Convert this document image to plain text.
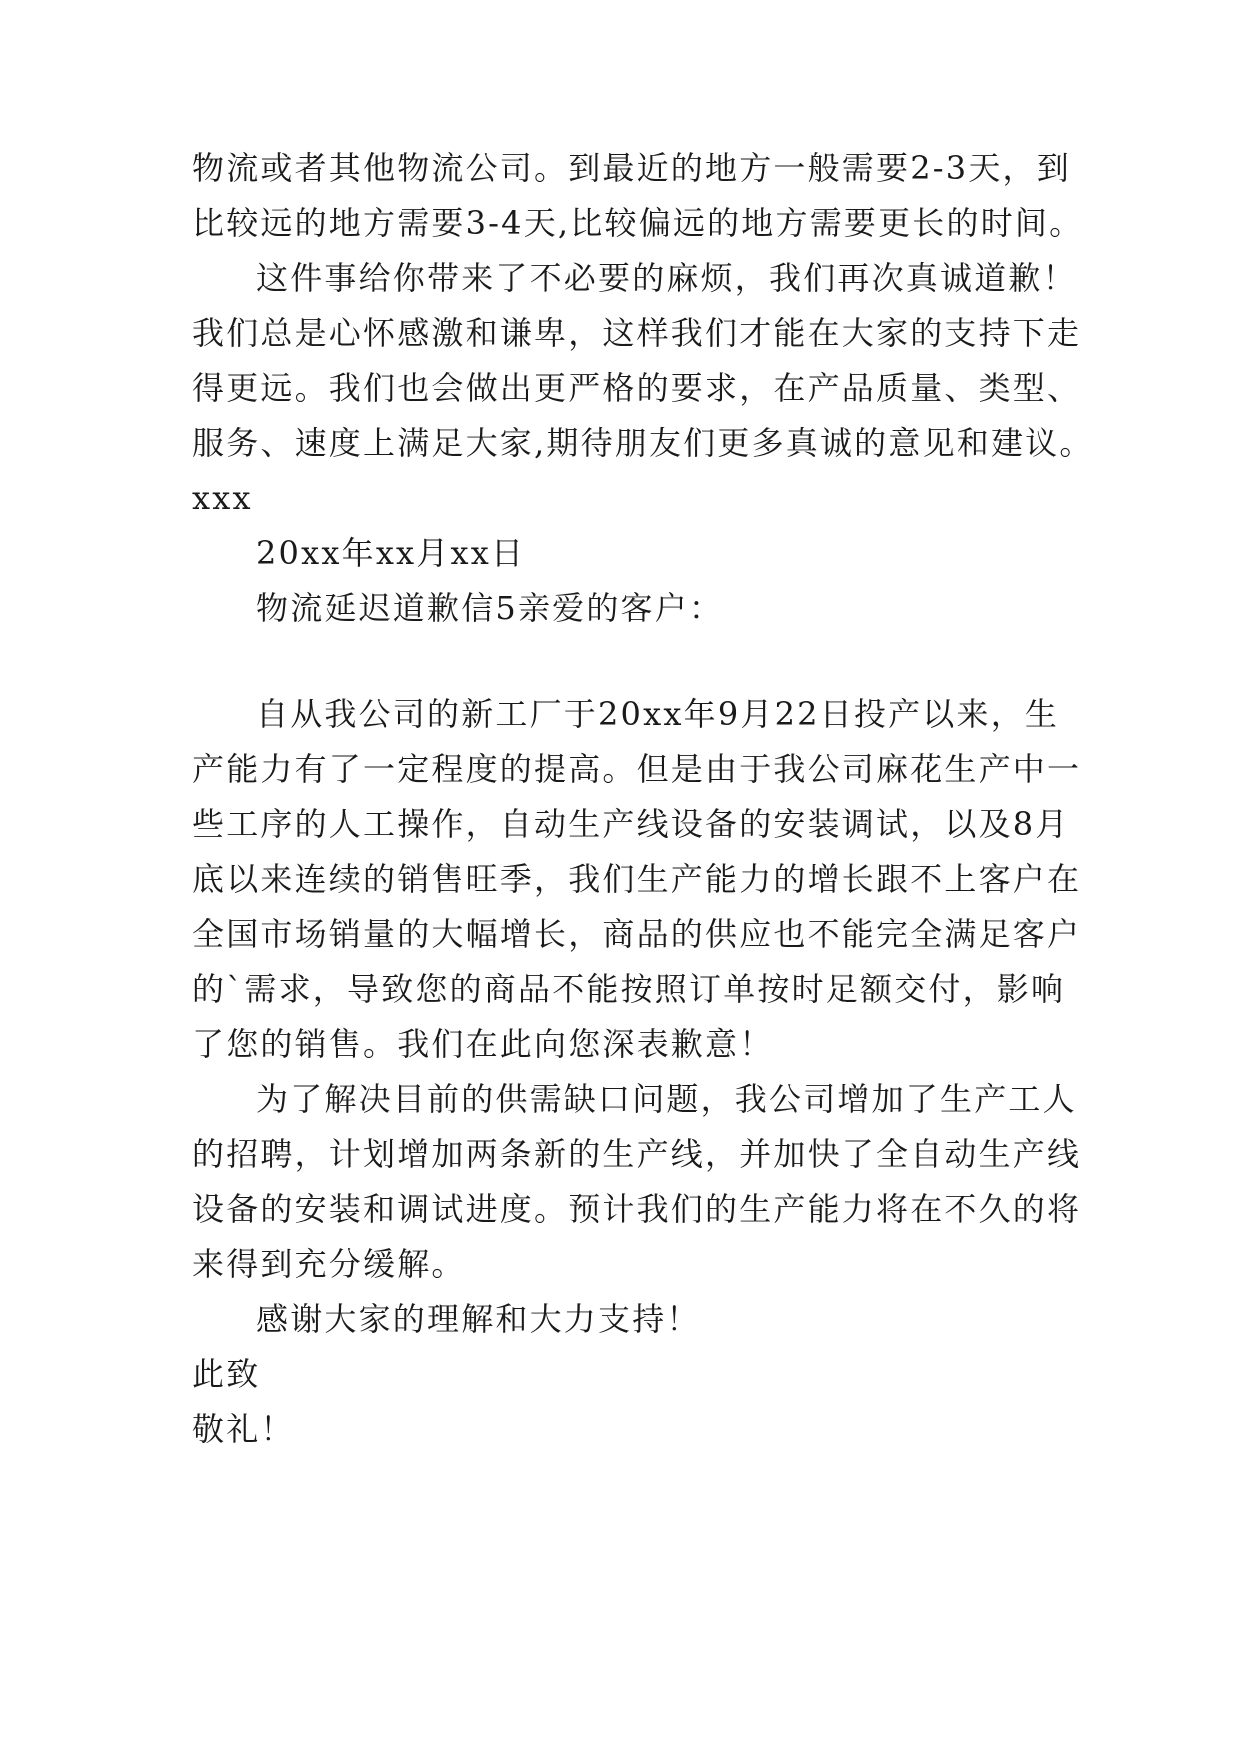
物流或者其他物流公司。到最近的地方一般需要2-3天，到
比较远的地方需要3-4天,比较偏远的地方需要更长的时间。
这件事给你带来了不必要的麻烦，我们再次真诚道歉！
我们总是心怀感激和谦卑，这样我们才能在大家的支持下走
得更远。我们也会做出更严格的要求，在产品质量、类型、
服务、速度上满足大家,期待朋友们更多真诚的意见和建议。
xxx
20xx年xx月xx日
物流延迟道歉信5亲爱的客户：
自从我公司的新工厂于20xx年9月22日投产以来，生
产能力有了一定程度的提高。但是由于我公司麻花生产中一
些工序的人工操作，自动生产线设备的安装调试，以及8月
底以来连续的销售旺季，我们生产能力的增长跟不上客户在
全国市场销量的大幅增长，商品的供应也不能完全满足客户
的`需求，导致您的商品不能按照订单按时足额交付，影响
了您的销售。我们在此向您深表歉意！
为了解决目前的供需缺口问题，我公司增加了生产工人
的招聘，计划增加两条新的生产线，并加快了全自动生产线
设备的安装和调试进度。预计我们的生产能力将在不久的将
来得到充分缓解。
感谢大家的理解和大力支持！
此致
敬礼！
